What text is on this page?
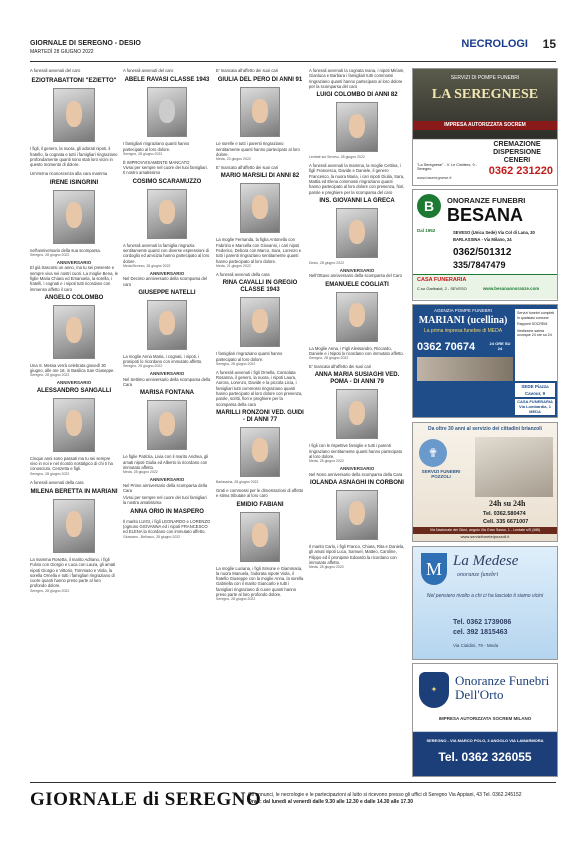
GIORNALE DI SEREGNO - DESIO
MARTEDÌ 28 GIUGNO 2022
NECROLOGI 15

A funerali avvenuti del caro

EZIOTRABATTONI "EZIETTO"

I figli, il genero, la nuora, gli adorati nipoti, il fratello, la cognata e tutti i famigliari ringraziano profondamente quanti sono stati loro vicini in questo momento di dolore.

Un'eterna riconoscenza alla cara mamma

IRENE ISINGRINI

nell'anniversario della sua scomparsa.

Seregno, 28 giugno 2022

ANNIVERSARIO

El già trascorsi un anno, ma tu sei presente e sempre viva nei nostri cuori. La moglie Bena, le figlie Maria Chiara ed Emanuela, la sorella, i fratelli, i cognati e i nipoti tutti ricordano con immenso affetto il caro

ANGELO COLOMBO

Una S. Messa verrà celebrata giovedì 30 giugno, alle ore 18, in Basilica San Giuseppe.

Seregno, 28 giugno 2022

ANNIVERSARIO

ALESSANDRO SANGALLI

Cinque anni sono passati ma tu sei sempre vivo in noi e nel ricordo nostalgico di chi ti ha conosciuto. Cenzetta e figli.

Seregno, 28 giugno 2022

A funerali avvenuti della cara

MILENA BERETTA IN MARIANI

La mamma Rosetta, il marito Adriano, i figli Fulvio con Giorgio e Luca con Laura, gli amati nipoti Giorgio e Vittorio, Tommaso e Viola, la sorella Ornella e tutti i famigliari ringraziano di cuore quanti hanno preso parte al loro profondo dolore.

Seregno, 28 giugno 2022

A funerali avvenuti del caro

ABELE RAVASI CLASSE 1943

I famigliari ringraziano quanti hanno partecipato al loro dolore.

Seregno, 28 giugno 2022

È IMPROVVISAMENTE MANCATO

Vivrai per sempre nel cuore dei tuoi famigliari. Il nostro amatissimo

COSIMO SCARAMUZZO

A funerali avvenuti la famiglia ringrazia sentitamente quanti con diverse espressioni di cordoglio ed amicizia hanno partecipato al loro dolore.

Meda/Seveso, 28 giugno 2022

ANNIVERSARIO

Nel Decimo anniversario della scomparsa del caro

GIUSEPPE NATELLI

La moglie Anna Maria, i cognati, i nipoti, i pronipoti lo ricordano con immutato affetto.

Seregno, 28 giugno 2022

ANNIVERSARIO

Nel Settimo anniversario della scomparsa della Cara

MARISA FONTANA

Le figlie Patrizia, Livia con il marito Andrea, gli amati nipoti Giulia ed Alberto la ricordano con immutato affetto.

Meda, 28 giugno 2022

ANNIVERSARIO

Nel Primo anniversario della scomparsa della Cara

Vivrai per sempre nel cuore dei tuoi famigliari la nostra amatissima

ANNA ORIO IN MASPERO

Il marito LUIGI, i figli LEONARDO e LORENZO (ognuno GIOVANNA ed i nipoti FRANCESCO ed ELENA la ricordano con immutato affetto.

Giussano - Bellusco, 28 giugno 2022

E' mancata all'affetto dei suoi cari

GIULIA DEL PERO DI ANNI 91

Le sorelle e tutti i parenti ringraziano sentitamente quanti hanno partecipato al loro dolore.

Meda, 23 giugno 2022

E' mancato all'affetto dei suoi cari

MARIO MARSILI DI ANNI 82

La moglie Fernanda, la figlia Antonella con Fabrizio e Marcella con Giovanni, i cari nipoti Federico, Debora con Marco, Sara, Lorenzo e tutti i parenti ringraziano sentitamente quanti hanno partecipato al loro dolore.

Meda, 21 giugno 2022

A funerali avvenuti della cara

RINA CAVALLI IN GREGIO CLASSE 1943

I famigliari ringraziano quanti hanno partecipato al loro dolore.

Seregno, 28 giugno 2022

A funerali avvenuti i figli Ornella, Consolata Rosanna, il genero, la nuora, i nipoti Laura, Aurora, Lorenzo, Davide e la piccola Licia, i famigliari tutti commossi ringraziano quanti hanno partecipato al loro dolore con presenza, parole, scritti, fiori e preghiere per la scomparsa della cara

MARILLI RONZONI VED. GUIDI - DI ANNI 77

Barlassina, 28 giugno 2022

Grati e commossi per le dimostrazioni di affetto e stima tributate al loro caro

EMIDIO FABIANI

La moglie Luciana, i figli Simone e Giammaria, la nuora Manuela, l'adorata nipote Viola, il fratello Giuseppe con la moglie Anna, la sorella Gabriella con il marito Giancarlo e tutti i famigliari ringraziano di cuore quanti hanno preso parte al loro profondo dolore.

Seregno, 28 giugno 2022

A funerali avvenuti la cognata Ivana, i nipoti Miriam, Gianluca e Barbara i famigliari tutti commossi ringraziano quanti hanno partecipato al loro dolore per la scomparsa del caro

LUIGI COLOMBO DI ANNI 82

Lentate sul Seveso, 28 giugno 2022

A funerali avvenuti la mamma, la moglie Cettina, i figli Francesca, Davide e Daniele, il genero Francesco, la nuora Maria, i cari nipoti Giulia, Sara, Mattia ed Elena commossi ringraziano quanti hanno partecipato al loro dolore con presenza, fiori, parole e preghiere per la scomparsa del caro

INS. GIOVANNI LA GRECA

Desio, 28 giugno 2022

ANNIVERSARIO

Nell'Ottavo anniversario della scomparsa del Caro

EMANUELE COGLIATI

La Moglie Anna, i Figli Alessandro, Riccardo, Daniele e i Nipoti lo ricordano con immutato affetto.

Seregno, 28 giugno 2022

E' mancata all'affetto dei suoi cari

ANNA MARIA SUSIAGHI VED. POMA - DI ANNI 79

I figli con le rispettive famiglie e tutti i parenti ringraziano sentitamente quanti hanno partecipato al loro dolore.

Meda, 28 giugno 2022

ANNIVERSARIO

Nel Nono anniversario della scomparsa della Cara

IOLANDA ASNAGHI IN CORBONI

Il marito Carlo, i figli Franco, Chiara, Rita e Daniela, gli amati nipoti Luca, Samuel, Matteo, Caroline, Filippo ed il pronipote Edoardo la ricordano con immutato affetto.

Meda, 28 giugno 2022

SERVIZI DI POMPE FUNEBRI
LA SEREGNESE
IMPRESA AUTORIZZATA SOCREM
CREMAZIONE DISPERSIONE CENERI
"La Seregnese" - V. Le Cimitero, 9 - Seregno
www.laseregnese.it
0362 231220
B	ONORANZE FUNEBRI
BESANA
Dal 1952	SEVESO (Unica Sede) Via Col di Lana, 30
BARLASSINA - Via Milano, 24
0362/501312
335/7847479
CASA FUNERARIA
C.so Garibaldi, 2 - SEVESO	www.besanaonoranze.com
AGENZIA POMPE FUNEBRI
MARIANI (ucellina)
La prima impresa funebre di MEDA
0362 70674	24 ORE SU 24

Servizi funebri completi in qualsiasi comune

Rapporti SOCREM

Vestizione salma ovunque 24 ore su 24

SEDE Piazza Cavour, 9
CASA FUNERARIA Via Lombardia, 1 MEDA
Da oltre 30 anni al servizio dei cittadini brianzoli
✟
SERVIZI FUNEBRI POZZOLI
24h su 24h
Tel. 0362.580474
Cell. 335 6671007
Via Nazionale dei Giovi, angolo Via Gran Sasso, 1 - Lentate s/S (MB)
www.servizifunebripozzoli.it
M La Medese
onoranze funebri
Nel pensiero rivolto a chi ci ha lasciato ti siamo vicini
Tel. 0362 1739086
cel. 392 1815463
Via Cialdini, 79 - Meda
✦
Onoranze Funebri Dell'Orto
IMPRESA AUTORIZZATA SOCREM MILANO
SEREGNO - VIA MARCO POLO, 3 ANGOLO VIA LAMARMORA
Tel. 0362 326055
GIORNALE di SEREGNO
Gli annunci, le necrologie e le partecipazioni al lutto si ricevono presso gli uffici di Seregno Via Appiani, 43 Tel. 0362.245152
Orari: dal lunedì al venerdì dalle 9.30 alle 12.30 e dalle 14.30 alle 17.30
